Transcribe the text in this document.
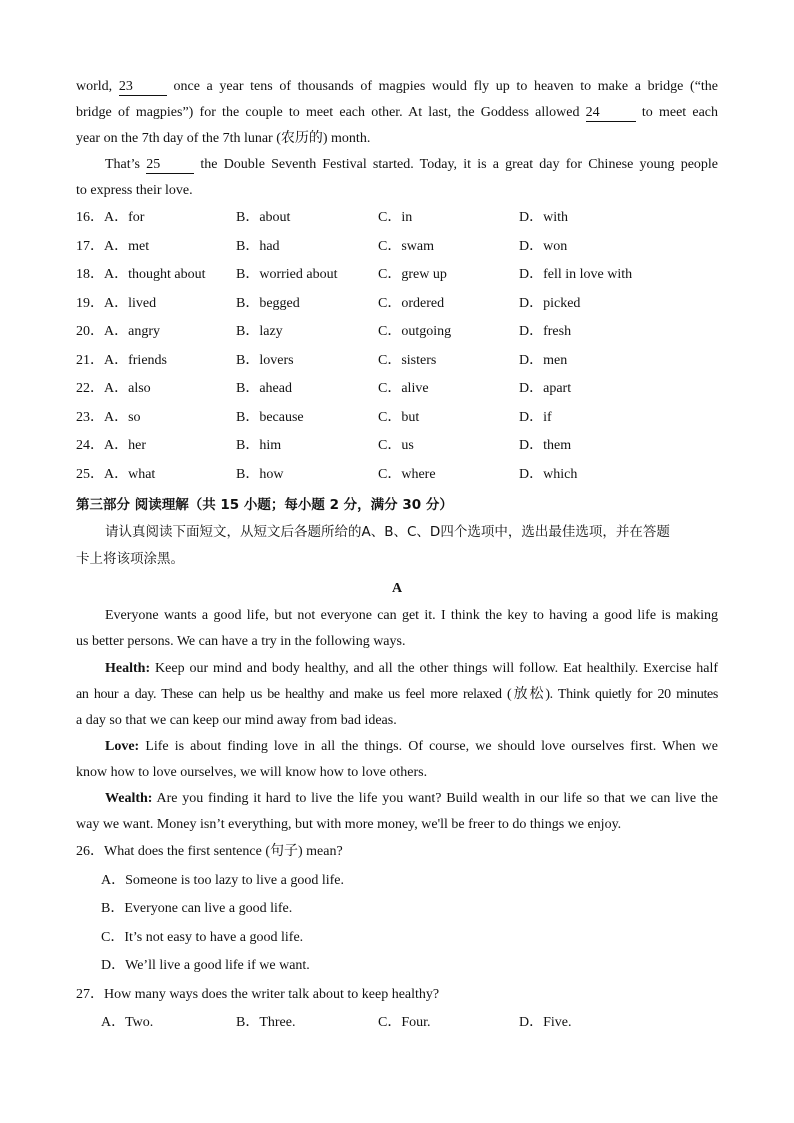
world, 23	once a year tens of thousands of magpies would fly up to heaven to make a bridge (“the
bridge of magpies”) for the couple to meet each other. At last, the Goddess allowed 24	to meet each
year on the 7th day of the 7th lunar (农历的) month.
That’s 25	the Double Seventh Festival started. Today, it is a great day for Chinese young people
to express their love.
16．A．for	B．about	C．in	D．with
17．A．met	B．had	C．swam	D．won
18．A．thought about B．worried about	C．grew up	D．fell in love with
19．A．lived	B．begged	C．ordered	D．picked
20．A．angry	B．lazy	C．outgoing	D．fresh
21．A．friends	B．lovers	C．sisters	D．men
22．A．also	B．ahead	C．alive	D．apart
23．A．so	B．because	C．but	D．if
24．A．her	B．him	C．us	D．them
25．A．what	B．how	C．where	D．which
第三部分 阅读理解（共 15 小题；每小题 2 分，满分 30 分）
请认真阅读下面短文，从短文后各题所给的A、B、C、D四个选项中，选出最佳选项，并在答题
卡上将该项涂黑。
A
Everyone wants a good life, but not everyone can get it. I think the key to having a good life is making
us better persons. We can have a try in the following ways.
Health: Keep our mind and body healthy, and all the other things will follow. Eat healthily. Exercise half
an hour a day. These can help us be healthy and make us feel more relaxed (放松). Think quietly for 20 minutes
a day so that we can keep our mind away from bad ideas.
Love: Life is about finding love in all the things. Of course, we should love ourselves first. When we
know how to love ourselves, we will know how to love others.
Wealth: Are you finding it hard to live the life you want? Build wealth in our life so that we can live the
way we want. Money isn’t everything, but with more money, we'll be freer to do things we enjoy.
26．What does the first sentence (句子) mean?
A．Someone is too lazy to live a good life.
B．Everyone can live a good life.
C．It’s not easy to have a good life.
D．We’ll live a good life if we want.
27．How many ways does the writer talk about to keep healthy?
A．Two.	B．Three.	C．Four.	D．Five.
